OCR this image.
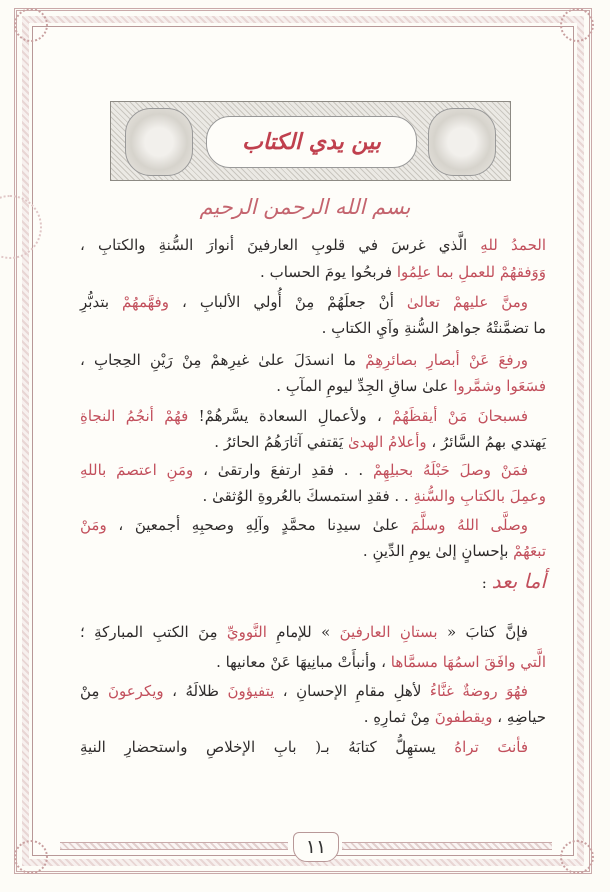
بين يدي الكتاب
بسم الله الرحمن الرحيم
الحمدُ للهِ الَّذي غرسَ في قلوبِ العارفينَ أنوارَ السُّنةِ والكتابِ ،
وَوَفقهُمْ للعملِ بما علِمُوا فربحُوا يومَ الحساب .
ومنَّ عليهمْ تعالىٰ أنْ جعلَهُمْ مِنْ أُولي الألبابِ ، وفهَّمهُمْ بتدبُّرِ
ما تضمَّنتْهُ جواهرُ السُّنةِ وآيِ الكتابِ .
ورفعَ عَنْ أبصارِ بصائرِهِمْ ما انسدَلَ علىٰ غيرِهمْ مِنْ رَيْنِ الحِجابِ ،
فسَعَوا وشمَّروا علىٰ ساقِ الجِدِّ ليومِ المآبِ .
فسبحانَ مَنْ أيقظَهُمْ ، ولأعمالِ السعادة يسَّرهُمْ! فهُمْ أنجُمُ النجاةِ
يَهتدي بهمُ السَّائرُ ، وأعلامُ الهدىٰ يَقتفي آثارَهُمُ الحائرُ .
فمَنْ وصلَ حَبْلَهُ بحبلِهِمْ . . فقدِ ارتفعَ وارتقىٰ ، ومَنِ اعتصمَ باللهِ
وعمِلَ بالكتابِ والسُّنةِ . . فقدِ استمسكَ بالعُروةِ الوُثقىٰ .
وصلَّى اللهُ وسلَّمَ علىٰ سيدِنا محمَّدٍ وآلِهِ وصحبِهِ أجمعينَ ، ومَنْ
تبعَهُمْ بإحسانٍ إلىٰ يومِ الدِّينِ .
أما بعد :
فإنَّ كتابَ « بستانِ العارفينَ » للإمامِ النَّوويِّ مِنَ الكتبِ المباركةِ ؛
الَّتي وافَقَ اسمُهَا مسمَّاها ، وأنبأَتْ مبانِيهَا عَنْ معانيها .
فهُوَ روضةٌ غنَّاءُ لأهلِ مقامِ الإحسانِ ، يتفيؤونَ ظلالَهُ ، ويكرعونَ مِنْ
حياضِهِ ، ويقطفونَ مِنْ ثمارِهِ .
فأنتَ تراهُ يستهِلُّ كتابَهُ بـ( بابِ الإخلاصِ واستحضارِ النيةِ
١١
